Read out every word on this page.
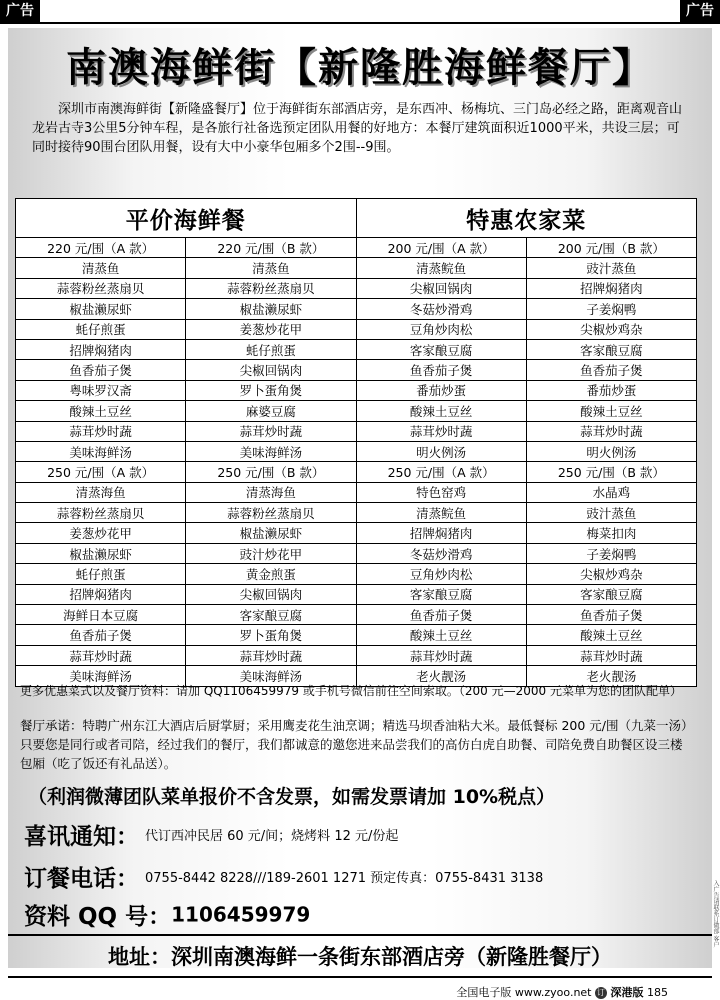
广告	广告
南澳海鲜街【新隆胜海鲜餐厅】
深圳市南澳海鲜街【新隆盛餐厅】位于海鲜街东部酒店旁，是东西冲、杨梅坑、三门岛必经之路，距离观音山龙岩古寺3公里5分钟车程，是各旅行社备选预定团队用餐的好地方：本餐厅建筑面积近1000平米，共设三层；可同时接待90围台团队用餐，设有大中小豪华包厢多个2围--9围。
平价海鲜餐		特惠农家菜	
220 元/围（A 款）	220 元/围（B 款）	200 元/围（A 款）	200 元/围（B 款）
清蒸鱼	清蒸鱼	清蒸鲩鱼	豉汁蒸鱼
蒜蓉粉丝蒸扇贝	蒜蓉粉丝蒸扇贝	尖椒回锅肉	招牌焖猪肉
椒盐濑尿虾	椒盐濑尿虾	冬菇炒滑鸡	子姜焖鸭
蚝仔煎蛋	姜葱炒花甲	豆角炒肉松	尖椒炒鸡杂
招牌焖猪肉	蚝仔煎蛋	客家酿豆腐	客家酿豆腐
鱼香茄子煲	尖椒回锅肉	鱼香茄子煲	鱼香茄子煲
粤味罗汉斋	罗卜蛋角煲	番茄炒蛋	番茄炒蛋
酸辣土豆丝	麻婆豆腐	酸辣土豆丝	酸辣土豆丝
蒜茸炒时蔬	蒜茸炒时蔬	蒜茸炒时蔬	蒜茸炒时蔬
美味海鲜汤	美味海鲜汤	明火例汤	明火例汤
250 元/围（A 款）	250 元/围（B 款）	250 元/围（A 款）	250 元/围（B 款）
清蒸海鱼	清蒸海鱼	特色窑鸡	水晶鸡
蒜蓉粉丝蒸扇贝	蒜蓉粉丝蒸扇贝	清蒸鲩鱼	豉汁蒸鱼
姜葱炒花甲	椒盐濑尿虾	招牌焖猪肉	梅菜扣肉
椒盐濑尿虾	豉汁炒花甲	冬菇炒滑鸡	子姜焖鸭
蚝仔煎蛋	黄金煎蛋	豆角炒肉松	尖椒炒鸡杂
招牌焖猪肉	尖椒回锅肉	客家酿豆腐	客家酿豆腐
海鲜日本豆腐	客家酿豆腐	鱼香茄子煲	鱼香茄子煲
鱼香茄子煲	罗卜蛋角煲	酸辣土豆丝	酸辣土豆丝
蒜茸炒时蔬	蒜茸炒时蔬	蒜茸炒时蔬	蒜茸炒时蔬
美味海鲜汤	美味海鲜汤	老火靓汤	老火靓汤
更多优惠菜式以及餐厅资料：请加 QQ1106459979 或手机号微信前往空间索取。（200 元—2000 元菜单为您的团队配单）
餐厅承诺：特聘广州东江大酒店后厨掌厨；采用鹰麦花生油烹调；精选马坝香油粘大米。最低餐标 200 元/围（九菜一汤）只要您是同行或者司陪，经过我们的餐厅，我们都诚意的邀您进来品尝我们的高仿白虎自助餐、司陪免费自助餐区设三楼包厢（吃了饭还有礼品送）。
（利润微薄团队菜单报价不含发票，如需发票请加 10%税点）
喜讯通知： 代订西冲民居 60 元/间；烧烤料 12 元/份起
订餐电话： 0755-8442 8228///189-2601 1271 预定传真：0755-8431 3138
资料 QQ 号：1106459979
地址：深圳南澳海鲜一条街东部酒店旁（新隆胜餐厅）
全国电子版 www.zyoo.net 订 深港版 185
入广告请联系订做部 客户
